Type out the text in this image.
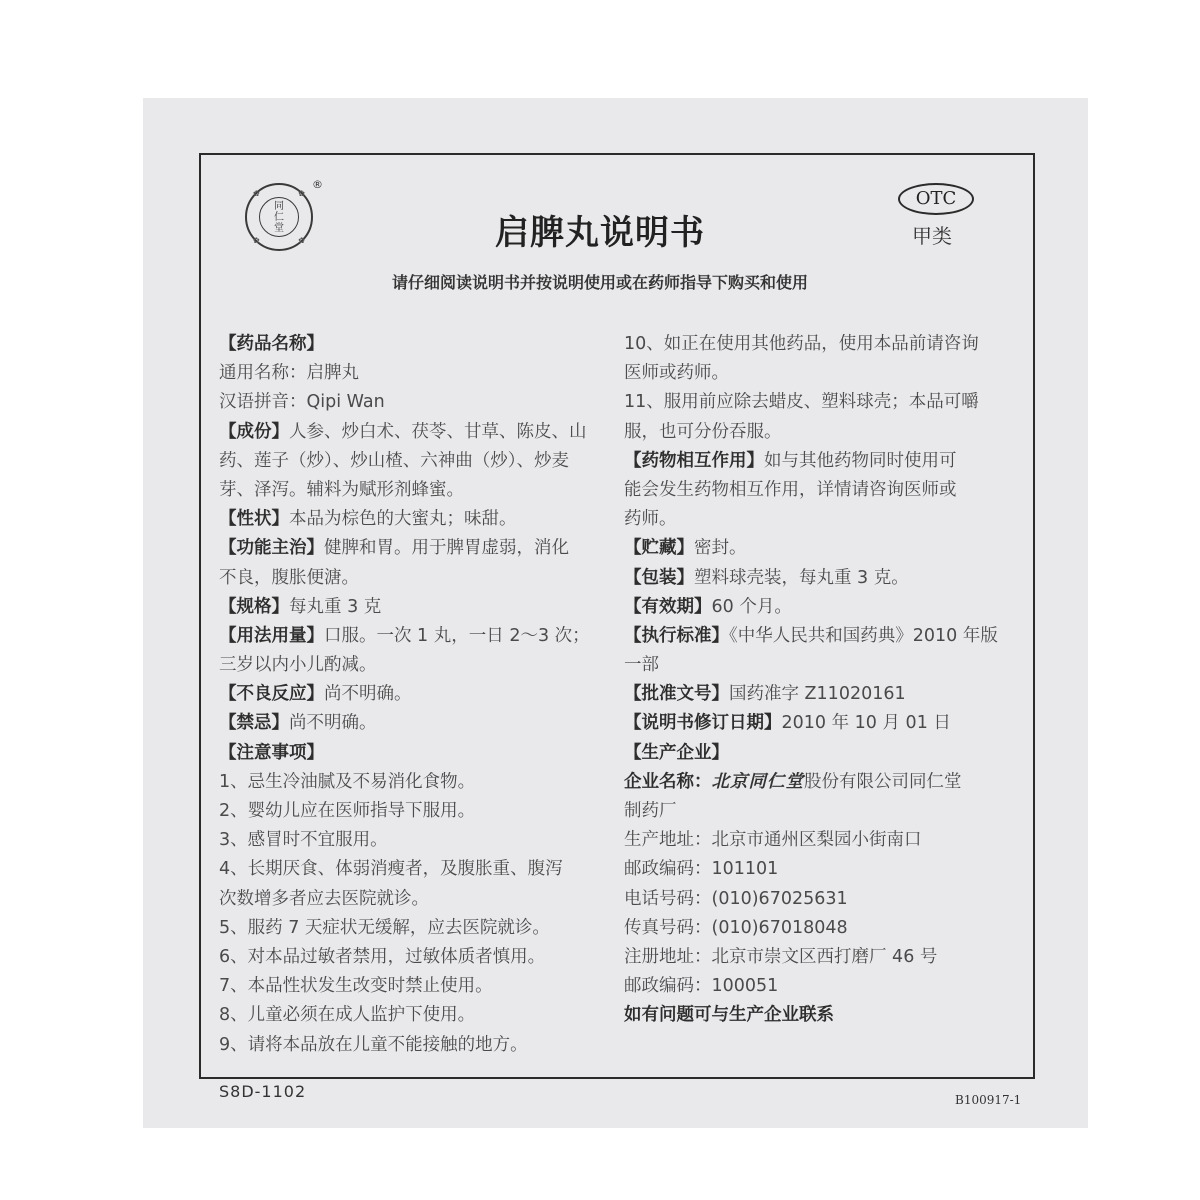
✿	✿
✿	✿
同
仁
堂
®
启脾丸说明书
OTC
甲类
请仔细阅读说明书并按说明使用或在药师指导下购买和使用
【药品名称】
通用名称：启脾丸
汉语拼音：Qipi Wan
【成份】人参、炒白术、茯苓、甘草、陈皮、山
药、莲子（炒）、炒山楂、六神曲（炒）、炒麦
芽、泽泻。辅料为赋形剂蜂蜜。
【性状】本品为棕色的大蜜丸；味甜。
【功能主治】健脾和胃。用于脾胃虚弱，消化
不良，腹胀便溏。
【规格】每丸重 3 克
【用法用量】口服。一次 1 丸，一日 2～3 次；
三岁以内小儿酌减。
【不良反应】尚不明确。
【禁忌】尚不明确。
【注意事项】
1、忌生冷油腻及不易消化食物。
2、婴幼儿应在医师指导下服用。
3、感冒时不宜服用。
4、长期厌食、体弱消瘦者，及腹胀重、腹泻
次数增多者应去医院就诊。
5、服药 7 天症状无缓解，应去医院就诊。
6、对本品过敏者禁用，过敏体质者慎用。
7、本品性状发生改变时禁止使用。
8、儿童必须在成人监护下使用。
9、请将本品放在儿童不能接触的地方。
10、如正在使用其他药品，使用本品前请咨询
医师或药师。
11、服用前应除去蜡皮、塑料球壳；本品可嚼
服，也可分份吞服。
【药物相互作用】如与其他药物同时使用可
能会发生药物相互作用，详情请咨询医师或
药师。
【贮藏】密封。
【包装】塑料球壳装，每丸重 3 克。
【有效期】60 个月。
【执行标准】《中华人民共和国药典》2010 年版
一部
【批准文号】国药准字 Z11020161
【说明书修订日期】2010 年 10 月 01 日
【生产企业】
企业名称：北京同仁堂股份有限公司同仁堂
制药厂
生产地址：北京市通州区梨园小街南口
邮政编码：101101
电话号码：(010)67025631
传真号码：(010)67018048
注册地址：北京市崇文区西打磨厂 46 号
邮政编码：100051
如有问题可与生产企业联系
S8D-1102	B100917-1
